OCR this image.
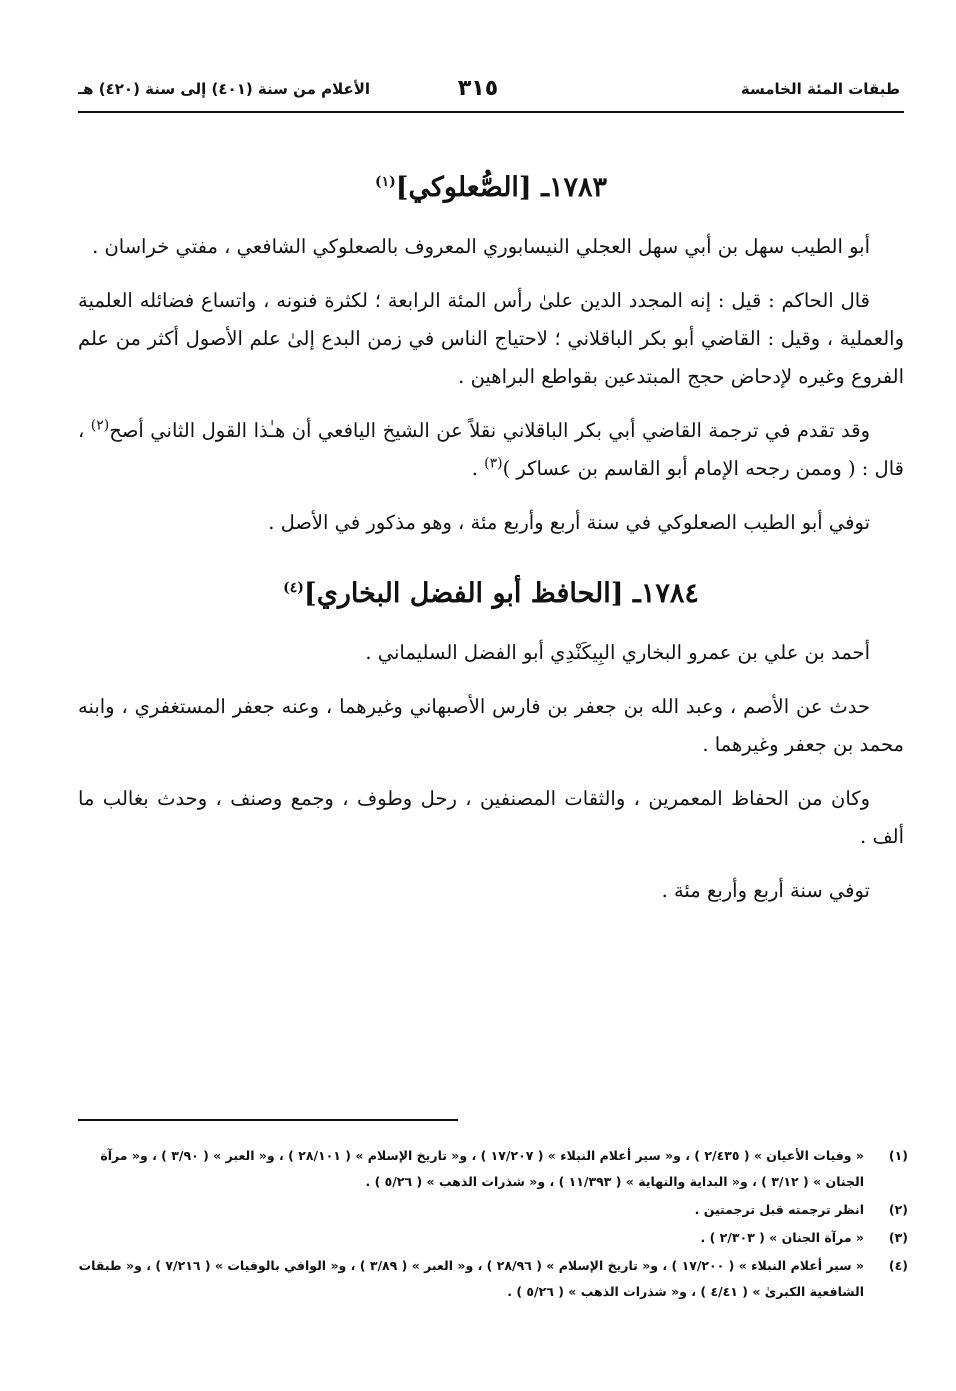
طبقات المئة الخامسة
٣١٥
الأعلام من سنة (٤٠١) إلى سنة (٤٢٠) هـ
١٧٨٣ـ [الصُّعلوكي]$^{(١)}$

أبو الطيب سهل بن أبي سهل العجلي النيسابوري المعروف بالصعلوكي الشافعي ، مفتي خراسان .

قال الحاكم : قيل : إنه المجدد الدين علىٰ رأس المئة الرابعة ؛ لكثرة فنونه ، واتساع فضائله العلمية والعملية ، وقيل : القاضي أبو بكر الباقلاني ؛ لاحتياج الناس في زمن البدع إلىٰ علم الأصول أكثر من علم الفروع وغيره لإدحاض حجج المبتدعين بقواطع البراهين .

وقد تقدم في ترجمة القاضي أبي بكر الباقلاني نقلاً عن الشيخ اليافعي أن هـٰذا القول الثاني أصح$^{(٢)}$ ، قال : ( وممن رجحه الإمام أبو القاسم بن عساكر )$^{(٣)}$ .

توفي أبو الطيب الصعلوكي في سنة أربع وأربع مئة ، وهو مذكور في الأصل .

١٧٨٤ـ [الحافظ أبو الفضل البخاري]$^{(٤)}$

أحمد بن علي بن عمرو البخاري البِيكَنْدِي أبو الفضل السليماني .

حدث عن الأصم ، وعبد الله بن جعفر بن فارس الأصبهاني وغيرهما ، وعنه جعفر المستغفري ، وابنه محمد بن جعفر وغيرهما .

وكان من الحفاظ المعمرين ، والثقات المصنفين ، رحل وطوف ، وجمع وصنف ، وحدث بغالب ما ألف .

توفي سنة أربع وأربع مئة .

(١)
« وفيات الأعيان » ( ٢/٤٣٥ ) ، و« سير أعلام النبلاء » ( ١٧/٢٠٧ ) ، و« تاريخ الإسلام » ( ٢٨/١٠١ ) ، و« العبر » ( ٣/٩٠ ) ، و« مرآة الجنان » ( ٣/١٢ ) ، و« البداية والنهاية » ( ١١/٣٩٣ ) ، و« شذرات الذهب » ( ٥/٢٦ ) .
(٢)
انظر ترجمته قبل ترجمتين .
(٣)
« مرآة الجنان » ( ٢/٣٠٣ ) .
(٤)
« سير أعلام النبلاء » ( ١٧/٢٠٠ ) ، و« تاريخ الإسلام » ( ٢٨/٩٦ ) ، و« العبر » ( ٣/٨٩ ) ، و« الوافي بالوفيات » ( ٧/٢١٦ ) ، و« طبقات الشافعية الكبرىٰ » ( ٤/٤١ ) ، و« شذرات الذهب » ( ٥/٢٦ ) .
